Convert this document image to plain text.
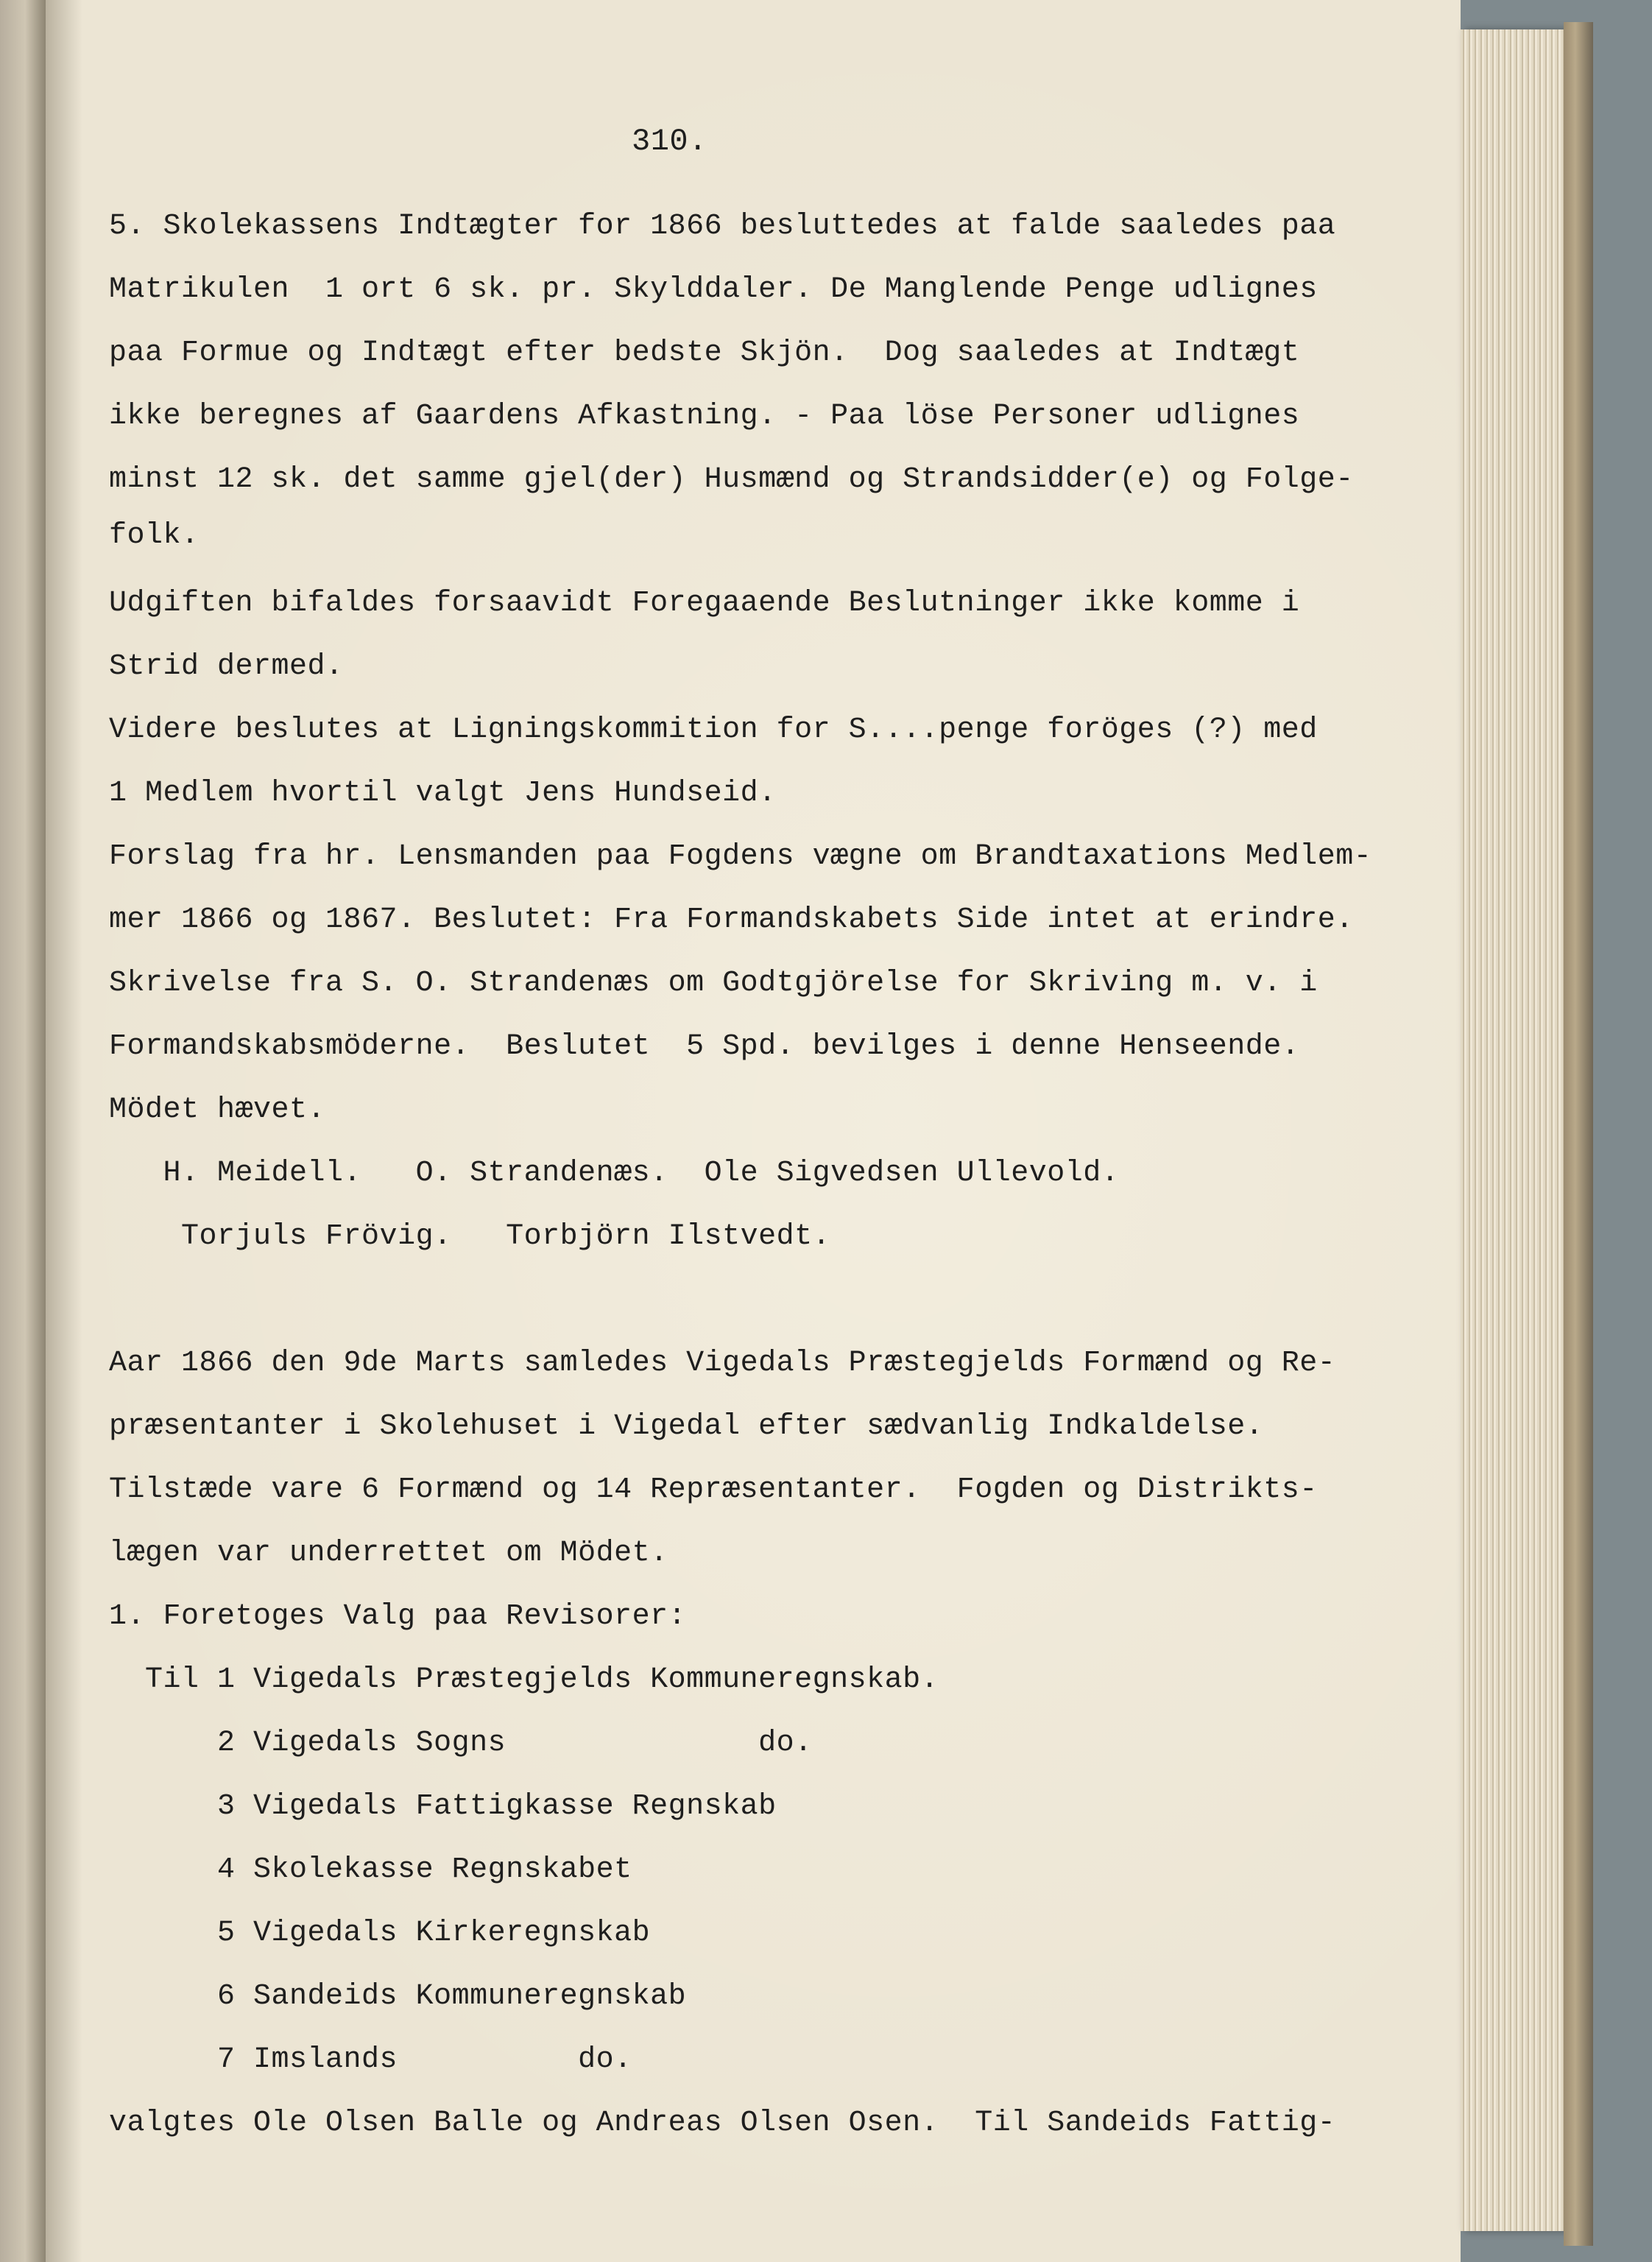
310.

5. Skolekassens Indtægter for 1866 besluttedes at falde saaledes paa

Matrikulen  1 ort 6 sk. pr. Skylddaler. De Manglende Penge udlignes

paa Formue og Indtægt efter bedste Skjön.  Dog saaledes at Indtægt

ikke beregnes af Gaardens Afkastning. - Paa löse Personer udlignes

minst 12 sk. det samme gjel(der) Husmænd og Strandsidder(e) og Folge-

folk.

Udgiften bifaldes forsaavidt Foregaaende Beslutninger ikke komme i

Strid dermed.

Videre beslutes at Ligningskommition for S....penge foröges (?) med

1 Medlem hvortil valgt Jens Hundseid.

Forslag fra hr. Lensmanden paa Fogdens vægne om Brandtaxations Medlem-

mer 1866 og 1867. Beslutet: Fra Formandskabets Side intet at erindre.

Skrivelse fra S. O. Strandenæs om Godtgjörelse for Skriving m. v. i

Formandskabsmöderne.  Beslutet  5 Spd. bevilges i denne Henseende.

Mödet hævet.

H. Meidell.   O. Strandenæs.  Ole Sigvedsen Ullevold.

Torjuls Frövig.   Torbjörn Ilstvedt.

Aar 1866 den 9de Marts samledes Vigedals Præstegjelds Formænd og Re-

præsentanter i Skolehuset i Vigedal efter sædvanlig Indkaldelse.

Tilstæde vare 6 Formænd og 14 Repræsentanter.  Fogden og Distrikts-

lægen var underrettet om Mödet.

1. Foretoges Valg paa Revisorer:

Til 1 Vigedals Præstegjelds Kommuneregnskab.

2 Vigedals Sogns              do.

3 Vigedals Fattigkasse Regnskab

4 Skolekasse Regnskabet

5 Vigedals Kirkeregnskab

6 Sandeids Kommuneregnskab

7 Imslands          do.

valgtes Ole Olsen Balle og Andreas Olsen Osen.  Til Sandeids Fattig-
